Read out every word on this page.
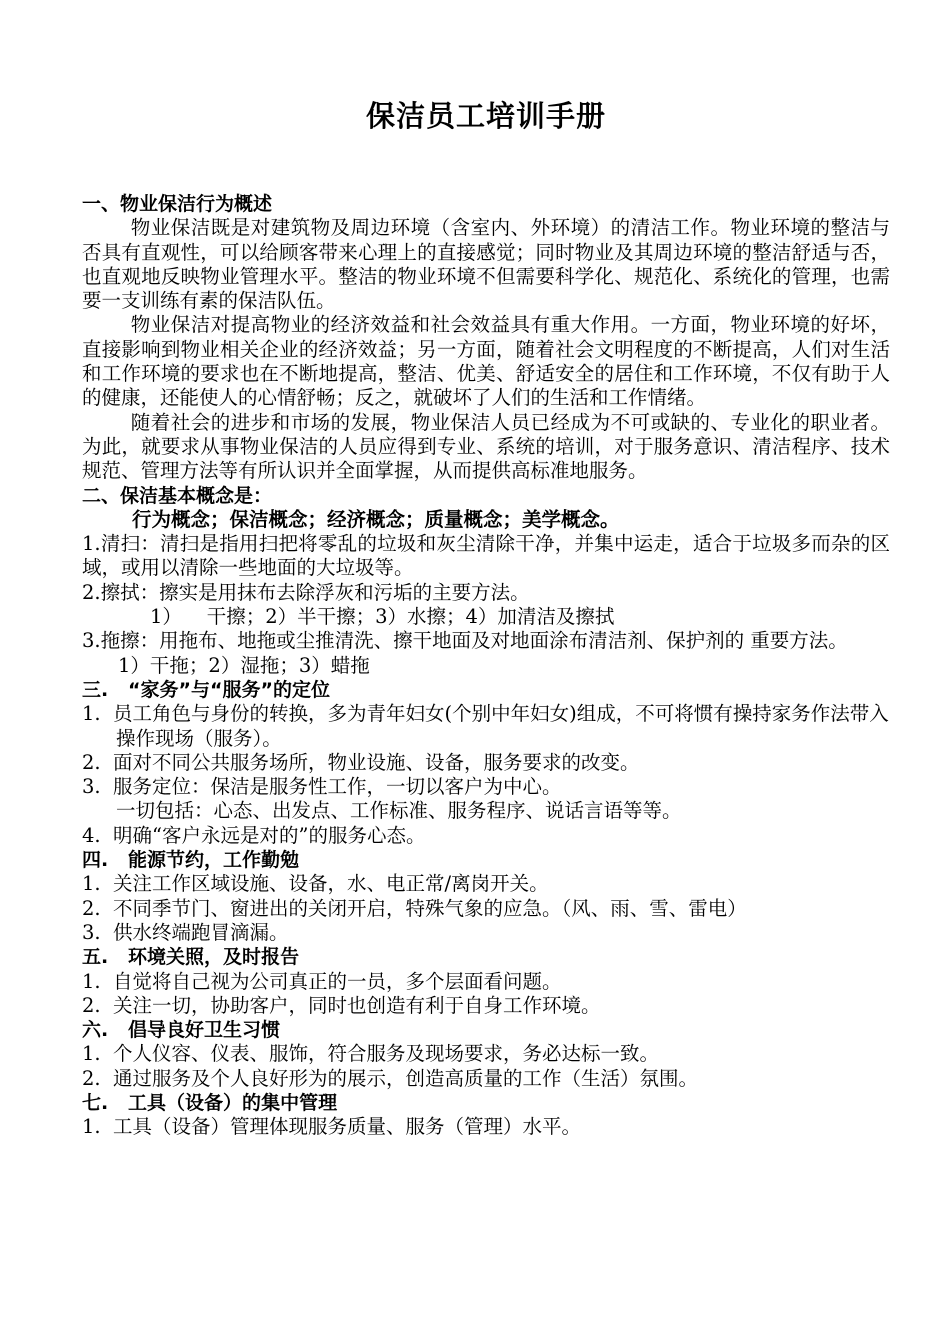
保洁员工培训手册

一、物业保洁行为概述

物业保洁既是对建筑物及周边环境（含室内、外环境）的清洁工作。物业环境的整洁与否具有直观性，可以给顾客带来心理上的直接感觉；同时物业及其周边环境的整洁舒适与否，也直观地反映物业管理水平。整洁的物业环境不但需要科学化、规范化、系统化的管理，也需要一支训练有素的保洁队伍。

物业保洁对提高物业的经济效益和社会效益具有重大作用。一方面，物业环境的好坏，直接影响到物业相关企业的经济效益；另一方面，随着社会文明程度的不断提高，人们对生活和工作环境的要求也在不断地提高，整洁、优美、舒适安全的居住和工作环境，不仅有助于人的健康，还能使人的心情舒畅；反之，就破坏了人们的生活和工作情绪。

随着社会的进步和市场的发展，物业保洁人员已经成为不可或缺的、专业化的职业者。为此，就要求从事物业保洁的人员应得到专业、系统的培训，对于服务意识、清洁程序、技术规范、管理方法等有所认识并全面掌握，从而提供高标准地服务。

二、保洁基本概念是：

行为概念；保洁概念；经济概念；质量概念；美学概念。

1.清扫：清扫是指用扫把将零乱的垃圾和灰尘清除干净，并集中运走，适合于垃圾多而杂的区域，或用以清除一些地面的大垃圾等。

2.擦拭：擦实是用抹布去除浮灰和污垢的主要方法。

1）    干擦；2）半干擦；3）水擦；4）加清洁及擦拭

3.拖擦：用拖布、地拖或尘推清洗、擦干地面及对地面涂布清洁剂、保护剂的 重要方法。

1）干拖；2）湿拖；3）蜡拖

三.   “家务”与“服务”的定位

1.  员工角色与身份的转换，多为青年妇女(个别中年妇女)组成，不可将惯有操持家务作法带入操作现场（服务）。

2.  面对不同公共服务场所，物业设施、设备，服务要求的改变。

3.  服务定位：保洁是服务性工作，一切以客户为中心。

一切包括：心态、出发点、工作标准、服务程序、说话言语等等。

4.  明确“客户永远是对的”的服务心态。

四.   能源节约，工作勤勉

1.  关注工作区域设施、设备，水、电正常/离岗开关。

2.  不同季节门、窗进出的关闭开启，特殊气象的应急。（风、雨、雪、雷电）

3.  供水终端跑冒滴漏。

五.   环境关照，及时报告

1.  自觉将自己视为公司真正的一员，多个层面看问题。

2.  关注一切，协助客户，同时也创造有利于自身工作环境。

六.   倡导良好卫生习惯

1.  个人仪容、仪表、服饰，符合服务及现场要求，务必达标一致。

2.  通过服务及个人良好形为的展示，创造高质量的工作（生活）氛围。

七.   工具（设备）的集中管理

1.  工具（设备）管理体现服务质量、服务（管理）水平。
